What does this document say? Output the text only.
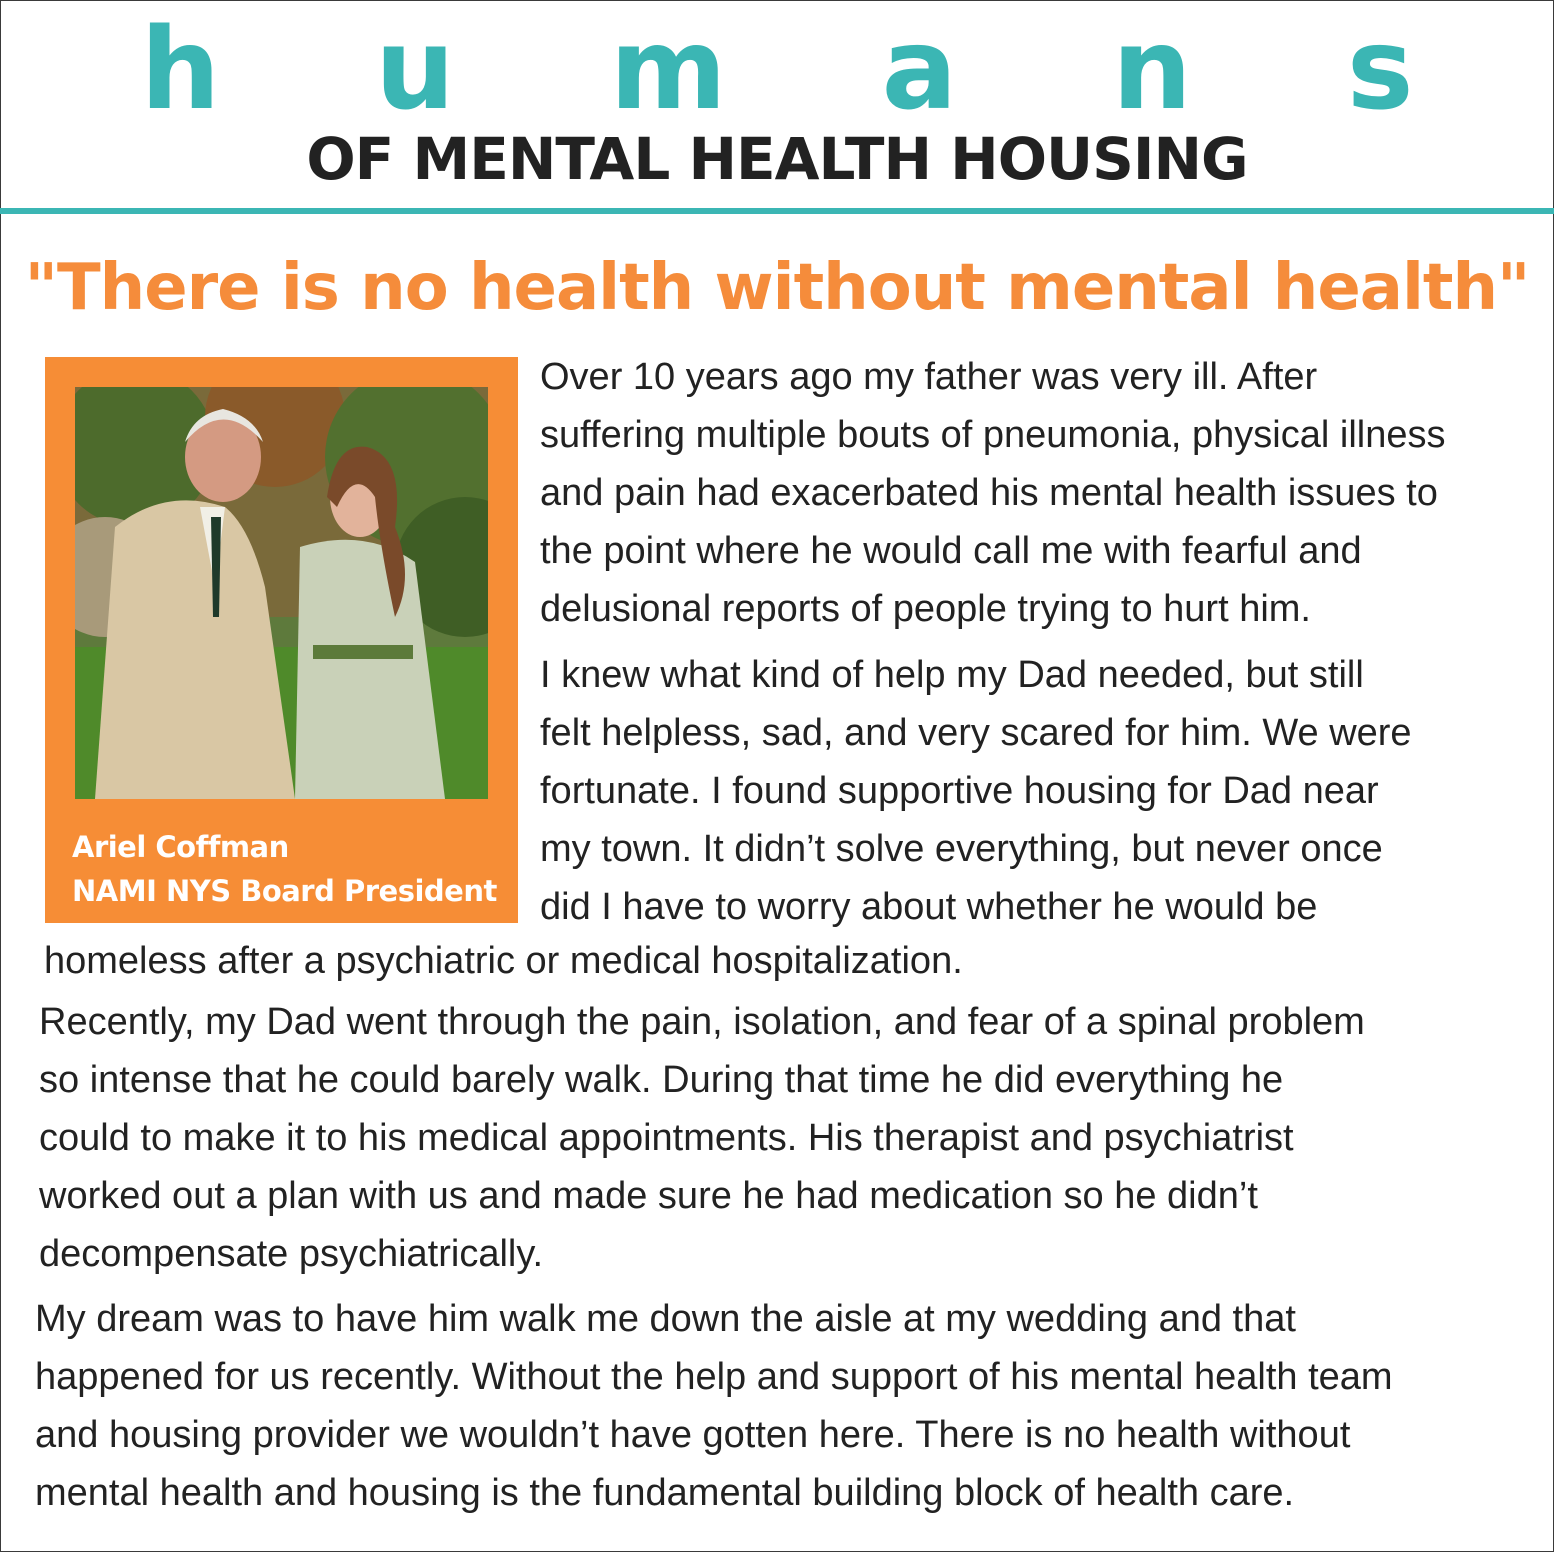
h u m a n s
OF MENTAL HEALTH HOUSING
"There is no health without mental health"
Ariel Coffman
NAMI NYS Board President

Over 10 years ago my father was very ill. After
suffering multiple bouts of pneumonia, physical illness
and pain had exacerbated his mental health issues to
the point where he would call me with fearful and
delusional reports of people trying to hurt him.

I knew what kind of help my Dad needed, but still
felt helpless, sad, and very scared for him. We were
fortunate. I found supportive housing for Dad near
my town. It didn’t solve everything, but never once
did I have to worry about whether he would be

homeless after a psychiatric or medical hospitalization.

Recently, my Dad went through the pain, isolation, and fear of a spinal problem
so intense that he could barely walk. During that time he did everything he
could to make it to his medical appointments. His therapist and psychiatrist
worked out a plan with us and made sure he had medication so he didn’t
decompensate psychiatrically.

My dream was to have him walk me down the aisle at my wedding and that
happened for us recently. Without the help and support of his mental health team
and housing provider we wouldn’t have gotten here. There is no health without
mental health and housing is the fundamental building block of health care.
